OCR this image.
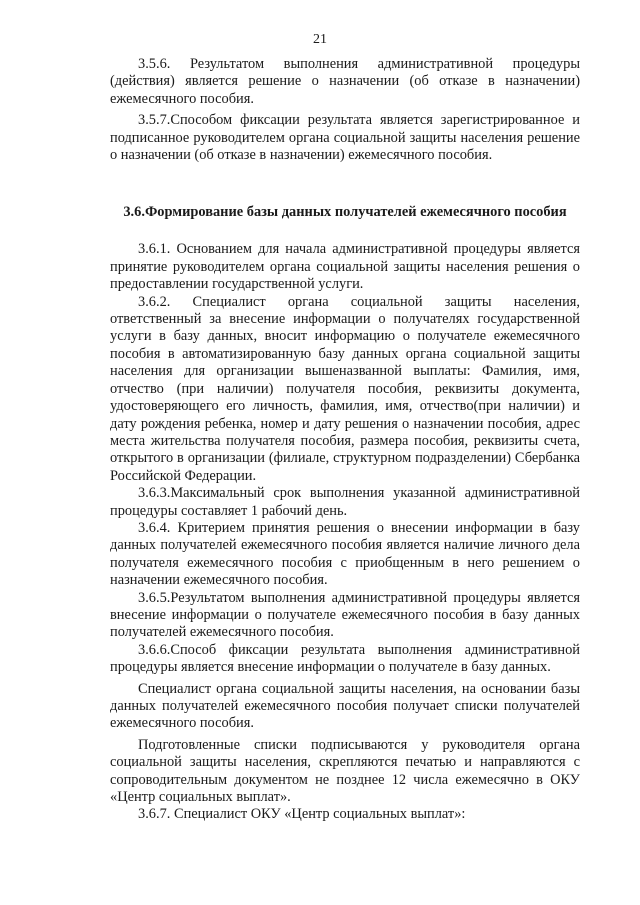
21

3.5.6. Результатом выполнения административной процедуры (действия) является решение о назначении (об отказе в назначении) ежемесячного пособия.

3.5.7.Способом фиксации результата является зарегистрированное и подписанное руководителем органа социальной защиты населения решение о назначении (об отказе в назначении) ежемесячного пособия.

3.6.Формирование базы данных получателей ежемесячного пособия

3.6.1. Основанием для начала административной процедуры является принятие руководителем органа социальной защиты населения решения о предоставлении государственной услуги.

3.6.2. Специалист органа социальной защиты населения, ответственный за внесение информации о получателях государственной услуги в базу данных, вносит информацию о получателе ежемесячного пособия в автоматизированную базу данных органа социальной защиты населения для организации вышеназванной выплаты: Фамилия, имя, отчество (при наличии) получателя пособия, реквизиты документа, удостоверяющего его личность, фамилия, имя, отчество(при наличии) и дату рождения ребенка, номер и дату решения о назначении пособия, адрес места жительства получателя пособия, размера пособия, реквизиты счета, открытого в организации (филиале, структурном подразделении) Сбербанка Российской Федерации.

3.6.3.Максимальный срок выполнения указанной административной процедуры составляет 1 рабочий день.

3.6.4. Критерием принятия решения о внесении информации в базу данных получателей ежемесячного пособия является наличие личного дела получателя ежемесячного пособия с приобщенным в него решением о назначении ежемесячного пособия.

3.6.5.Результатом выполнения административной процедуры является внесение информации о получателе ежемесячного пособия в базу данных получателей ежемесячного пособия.

3.6.6.Способ фиксации результата выполнения административной процедуры является внесение информации о получателе в базу данных.

Специалист органа социальной защиты населения, на основании базы данных получателей ежемесячного пособия получает списки получателей ежемесячного пособия.

Подготовленные списки подписываются у руководителя органа социальной защиты населения, скрепляются печатью и направляются с сопроводительным документом не позднее 12 числа ежемесячно в ОКУ «Центр социальных выплат».

3.6.7. Специалист ОКУ «Центр социальных выплат»:
